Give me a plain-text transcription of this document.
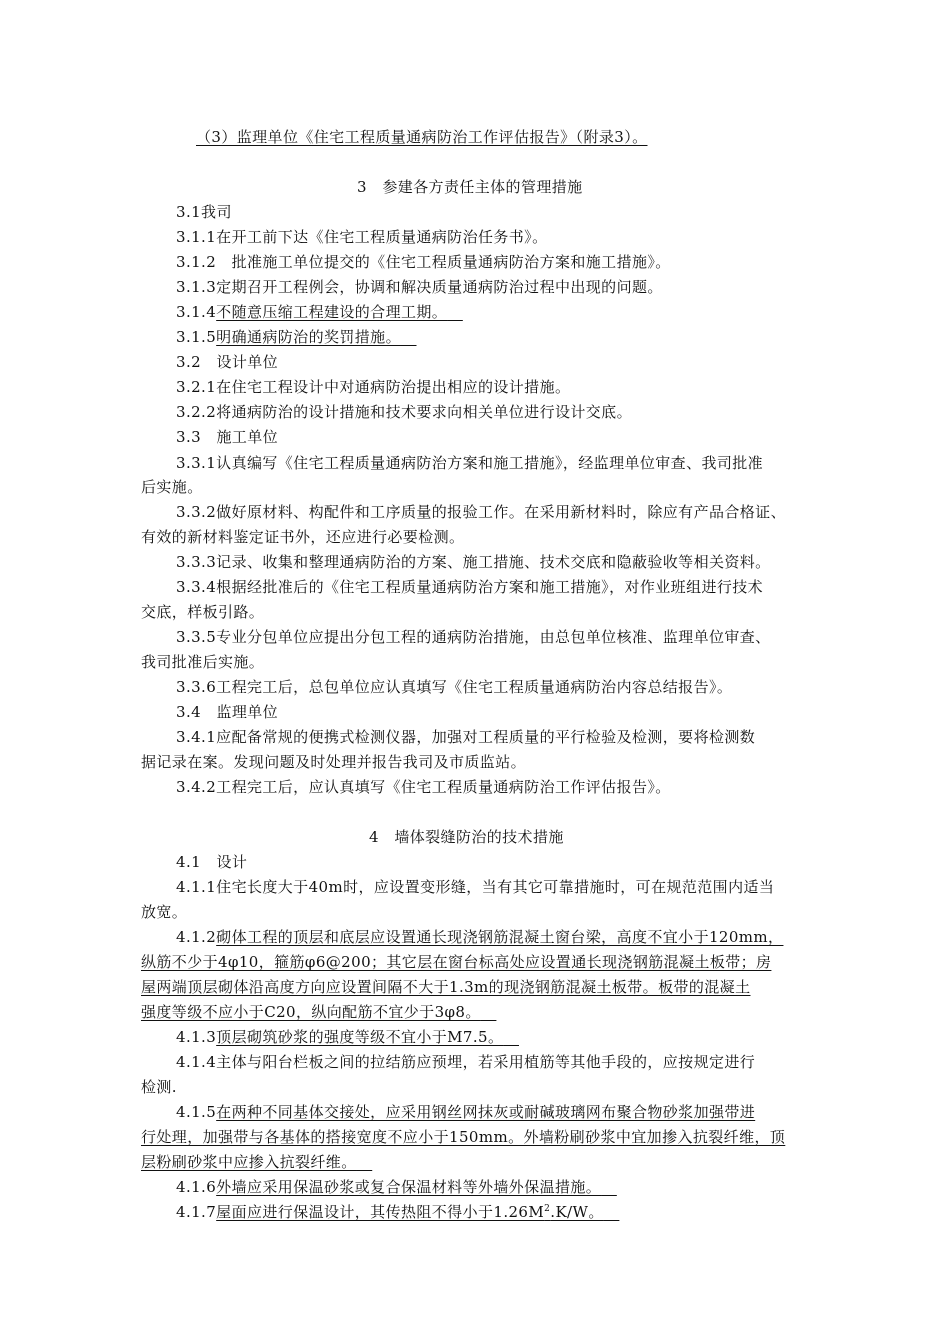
（3）监理单位《住宅工程质量通病防治工作评估报告》（附录3）。
3　参建各方责任主体的管理措施
3.1我司
3.1.1在开工前下达《住宅工程质量通病防治任务书》。
3.1.2　批准施工单位提交的《住宅工程质量通病防治方案和施工措施》。
3.1.3定期召开工程例会，协调和解决质量通病防治过程中出现的问题。
3.1.4不随意压缩工程建设的合理工期。
3.1.5明确通病防治的奖罚措施。
3.2　设计单位
3.2.1在住宅工程设计中对通病防治提出相应的设计措施。
3.2.2将通病防治的设计措施和技术要求向相关单位进行设计交底。
3.3　施工单位
3.3.1认真编写《住宅工程质量通病防治方案和施工措施》，经监理单位审查、我司批准
后实施。
3.3.2做好原材料、构配件和工序质量的报验工作。在采用新材料时，除应有产品合格证、
有效的新材料鉴定证书外，还应进行必要检测。
3.3.3记录、收集和整理通病防治的方案、施工措施、技术交底和隐蔽验收等相关资料。
3.3.4根据经批准后的《住宅工程质量通病防治方案和施工措施》，对作业班组进行技术
交底，样板引路。
3.3.5专业分包单位应提出分包工程的通病防治措施，由总包单位核准、监理单位审查、
我司批准后实施。
3.3.6工程完工后，总包单位应认真填写《住宅工程质量通病防治内容总结报告》。
3.4　监理单位
3.4.1应配备常规的便携式检测仪器，加强对工程质量的平行检验及检测，要将检测数
据记录在案。发现问题及时处理并报告我司及市质监站。
3.4.2工程完工后，应认真填写《住宅工程质量通病防治工作评估报告》。
4　墙体裂缝防治的技术措施
4.1　设计
4.1.1住宅长度大于40m时，应设置变形缝，当有其它可靠措施时，可在规范范围内适当
放宽。
4.1.2砌体工程的顶层和底层应设置通长现浇钢筋混凝土窗台梁，高度不宜小于120mm，
纵筋不少于4φ10，箍筋φ6@200；其它层在窗台标高处应设置通长现浇钢筋混凝土板带；房
屋两端顶层砌体沿高度方向应设置间隔不大于1.3m的现浇钢筋混凝土板带。板带的混凝土
强度等级不应小于C20，纵向配筋不宜少于3φ8。
4.1.3顶层砌筑砂浆的强度等级不宜小于M7.5。
4.1.4主体与阳台栏板之间的拉结筋应预埋，若采用植筋等其他手段的，应按规定进行
检测.
4.1.5在两种不同基体交接处，应采用钢丝网抹灰或耐碱玻璃网布聚合物砂浆加强带进
行处理，加强带与各基体的搭接宽度不应小于150mm。外墙粉刷砂浆中宜加掺入抗裂纤维，顶
层粉刷砂浆中应掺入抗裂纤维。
4.1.6外墙应采用保温砂浆或复合保温材料等外墙外保温措施。
4.1.7屋面应进行保温设计，其传热阻不得小于$1.26M^2.K/W$。
